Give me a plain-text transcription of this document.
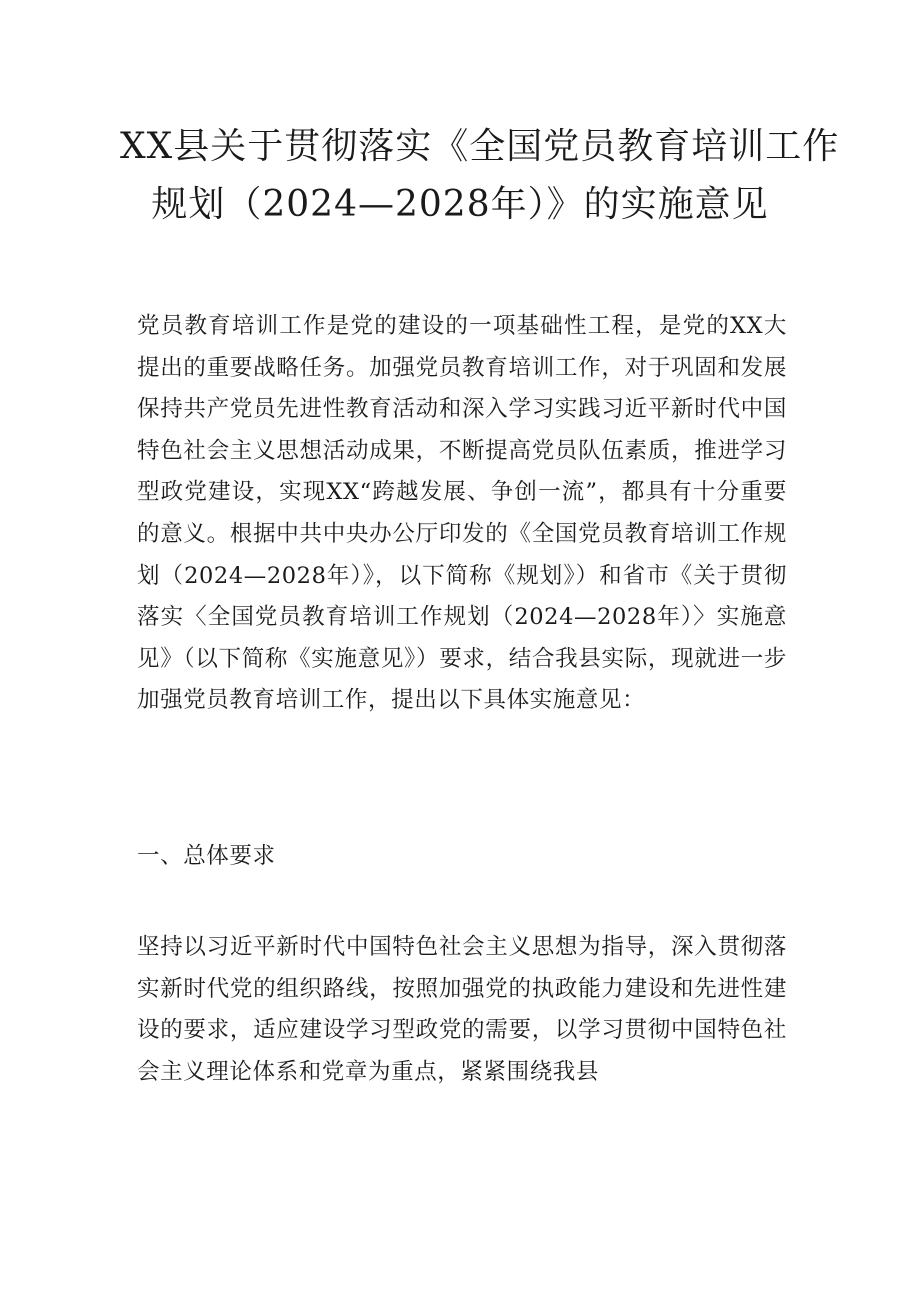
XX县关于贯彻落实《全国党员教育培训工作
规划（2024—2028年）》的实施意见

党员教育培训工作是党的建设的一项基础性工程，是党的XX大提出的重要战略任务。加强党员教育培训工作，对于巩固和发展保持共产党员先进性教育活动和深入学习实践习近平新时代中国特色社会主义思想活动成果，不断提高党员队伍素质，推进学习型政党建设，实现XX“跨越发展、争创一流”，都具有十分重要的意义。根据中共中央办公厅印发的《全国党员教育培训工作规划（2024—2028年）》，以下简称《规划》）和省市《关于贯彻落实〈全国党员教育培训工作规划（2024—2028年）〉实施意见》（以下简称《实施意见》）要求，结合我县实际，现就进一步加强党员教育培训工作，提出以下具体实施意见：

一、总体要求

坚持以习近平新时代中国特色社会主义思想为指导，深入贯彻落实新时代党的组织路线，按照加强党的执政能力建设和先进性建设的要求，适应建设学习型政党的需要，以学习贯彻中国特色社会主义理论体系和党章为重点，紧紧围绕我县
